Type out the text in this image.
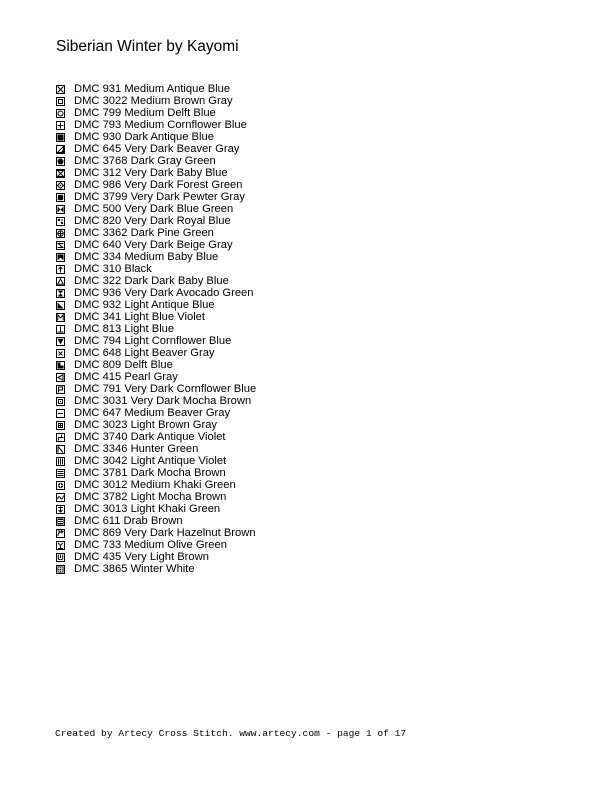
Siberian Winter by Kayomi
DMC 931 Medium Antique Blue
DMC 3022 Medium Brown Gray
DMC 799 Medium Delft Blue
DMC 793 Medium Cornflower Blue
DMC 930 Dark Antique Blue
DMC 645 Very Dark Beaver Gray
DMC 3768 Dark Gray Green
DMC 312 Very Dark Baby Blue
DMC 986 Very Dark Forest Green
DMC 3799 Very Dark Pewter Gray
DMC 500 Very Dark Blue Green
DMC 820 Very Dark Royal Blue
DMC 3362 Dark Pine Green
DMC 640 Very Dark Beige Gray
DMC 334 Medium Baby Blue
DMC 310 Black
DMC 322 Dark Dark Baby Blue
DMC 936 Very Dark Avocado Green
DMC 932 Light Antique Blue
DMC 341 Light Blue Violet
DMC 813 Light Blue
DMC 794 Light Cornflower Blue
DMC 648 Light Beaver Gray
DMC 809 Delft Blue
DMC 415 Pearl Gray
DMC 791 Very Dark Cornflower Blue
DMC 3031 Very Dark Mocha Brown
DMC 647 Medium Beaver Gray
DMC 3023 Light Brown Gray
DMC 3740 Dark Antique Violet
DMC 3346 Hunter Green
DMC 3042 Light Antique Violet
DMC 3781 Dark Mocha Brown
DMC 3012 Medium Khaki Green
DMC 3782 Light Mocha Brown
DMC 3013 Light Khaki Green
DMC 611 Drab Brown
DMC 869 Very Dark Hazelnut Brown
DMC 733 Medium Olive Green
DMC 435 Very Light Brown
DMC 3865 Winter White
Created by Artecy Cross Stitch. www.artecy.com - page 1 of 17
